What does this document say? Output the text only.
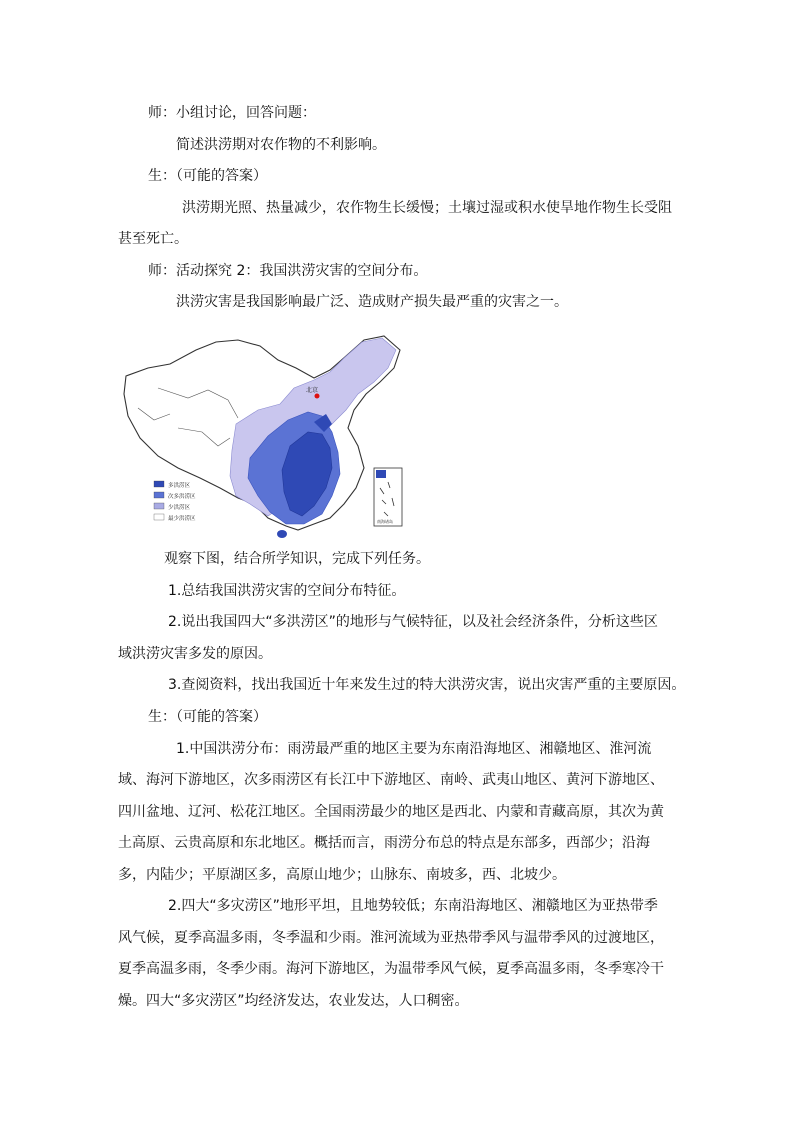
师：小组讨论，回答问题：
简述洪涝期对农作物的不利影响。
生：（可能的答案）
洪涝期光照、热量减少，农作物生长缓慢；土壤过湿或积水使旱地作物生长受阻
甚至死亡。
师：活动探究 2：我国洪涝灾害的空间分布。
洪涝灾害是我国影响最广泛、造成财产损失最严重的灾害之一。
北京
南海诸岛
多洪涝区
次多洪涝区
少洪涝区
最少洪涝区
观察下图，结合所学知识，完成下列任务。
1.总结我国洪涝灾害的空间分布特征。
2.说出我国四大“多洪涝区”的地形与气候特征，以及社会经济条件，分析这些区
域洪涝灾害多发的原因。
3.查阅资料，找出我国近十年来发生过的特大洪涝灾害，说出灾害严重的主要原因。
生：（可能的答案）
1.中国洪涝分布：雨涝最严重的地区主要为东南沿海地区、湘赣地区、淮河流
域、海河下游地区，次多雨涝区有长江中下游地区、南岭、武夷山地区、黄河下游地区、
四川盆地、辽河、松花江地区。全国雨涝最少的地区是西北、内蒙和青藏高原，其次为黄
土高原、云贵高原和东北地区。概括而言，雨涝分布总的特点是东部多，西部少；沿海
多，内陆少；平原湖区多，高原山地少；山脉东、南坡多，西、北坡少。
2.四大“多灾涝区”地形平坦，且地势较低；东南沿海地区、湘赣地区为亚热带季
风气候，夏季高温多雨，冬季温和少雨。淮河流域为亚热带季风与温带季风的过渡地区，
夏季高温多雨，冬季少雨。海河下游地区，为温带季风气候，夏季高温多雨，冬季寒冷干
燥。四大“多灾涝区”均经济发达，农业发达，人口稠密。
